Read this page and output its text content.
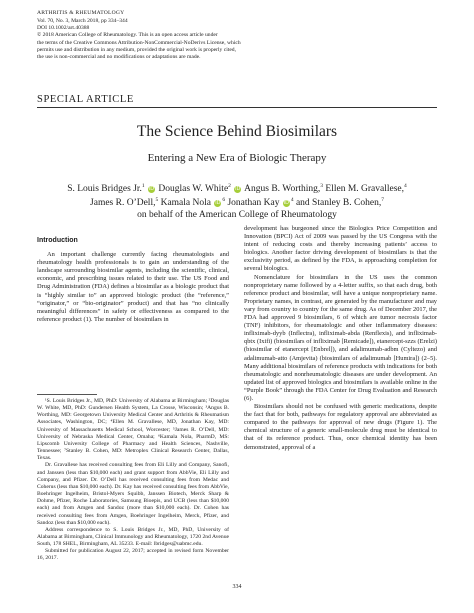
ARTHRITIS & RHEUMATOLOGY
Vol. 70, No. 3, March 2018, pp 334–344
DOI 10.1002/art.40388
© 2018 American College of Rheumatology. This is an open access article under
the terms of the Creative Commons Attribution-NonCommercial-NoDerivs License, which
permits use and distribution in any medium, provided the original work is properly cited,
the use is non-commercial and no modifications or adaptations are made.
SPECIAL ARTICLE
The Science Behind Biosimilars
Entering a New Era of Biologic Therapy
S. Louis Bridges Jr.$^1$ iD Douglas W. White$^2$ iD Angus B. Worthing,$^3$ Ellen M. Gravallese,$^4$
James R. O’Dell,$^5$ Kamala Nola $iD^6$ Jonathan Kay $iD^4$ and Stanley B. Cohen,$^7$
on behalf of the American College of Rheumatology
Introduction

An important challenge currently facing rheumatologists and rheumatology health professionals is to gain an understanding of the landscape surrounding biosimilar agents, including the scientific, clinical, economic, and prescribing issues related to their use. The US Food and Drug Administration (FDA) defines a biosimilar as a biologic product that is “highly similar to” an approved biologic product (the “reference,” “originator,” or “bio-originator” product) and that has “no clinically meaningful differences” in safety or effectiveness as compared to the reference product (1). The number of biosimilars in

¹S. Louis Bridges Jr., MD, PhD: University of Alabama at Birmingham; ²Douglas W. White, MD, PhD: Gundersen Health System, La Crosse, Wisconsin; ³Angus B. Worthing, MD: Georgetown University Medical Center and Arthritis & Rheumatism Associates, Washington, DC; ⁴Ellen M. Gravallese, MD, Jonathan Kay, MD: University of Massachusetts Medical School, Worcester; ⁵James R. O’Dell, MD: University of Nebraska Medical Center, Omaha; ⁶Kamala Nola, PharmD, MS: Lipscomb University College of Pharmacy and Health Sciences, Nashville, Tennessee; ⁷Stanley B. Cohen, MD: Metroplex Clinical Research Center, Dallas, Texas.

Dr. Gravallese has received consulting fees from Eli Lilly and Company, Sanofi, and Janssen (less than $10,000 each) and grant support from AbbVie, Eli Lilly and Company, and Pfizer. Dr. O’Dell has received consulting fees from Medac and Coherus (less than $10,000 each). Dr. Kay has received consulting fees from AbbVie, Boehringer Ingelheim, Bristol-Myers Squibb, Janssen Biotech, Merck Sharp & Dohme, Pfizer, Roche Laboratories, Samsung Bioepis, and UCB (less than $10,000 each) and from Amgen and Sandoz (more than $10,000 each). Dr. Cohen has received consulting fees from Amgen, Boehringer Ingelheim, Merck, Pfizer, and Sandoz (less than $10,000 each).

Address correspondence to S. Louis Bridges Jr., MD, PhD, University of Alabama at Birmingham, Clinical Immunology and Rheumatology, 1720 2nd Avenue South, 178 SHEL, Birmingham, AL 35233. E-mail: lbridges@uabmc.edu.

Submitted for publication August 22, 2017; accepted in revised form November 16, 2017.

development has burgeoned since the Biologics Price Competition and Innovation (BPCI) Act of 2009 was passed by the US Congress with the intent of reducing costs and thereby increasing patients’ access to biologics. Another factor driving development of biosimilars is that the exclusivity period, as defined by the FDA, is approaching completion for several biologics.

Nomenclature for biosimilars in the US uses the common nonproprietary name followed by a 4-letter suffix, so that each drug, both reference product and biosimilar, will have a unique nonproprietary name. Proprietary names, in contrast, are generated by the manufacturer and may vary from country to country for the same drug. As of December 2017, the FDA had approved 9 biosimilars, 6 of which are tumor necrosis factor (TNF) inhibitors, for rheumatologic and other inflammatory diseases: infliximab-dyyb (Inflectra), infliximab-abda (Renflexis), and infliximab-qbtx (Ixifi) (biosimilars of infliximab [Remicade]), etanercept-szzs (Erelzi) (biosimilar of etanercept [Enbrel]), and adalimumab-adbm (Cyltezo) and adalimumab-atto (Amjevita) (biosimilars of adalimumab [Humira]) (2–5). Many additional biosimilars of reference products with indications for both rheumatologic and nonrheumatologic diseases are under development. An updated list of approved biologics and biosimilars is available online in the “Purple Book” through the FDA Center for Drug Evaluation and Research (6).

Biosimilars should not be confused with generic medications, despite the fact that for both, pathways for regulatory approval are abbreviated as compared to the pathways for approval of new drugs (Figure 1). The chemical structure of a generic small-molecule drug must be identical to that of its reference product. Thus, once chemical identity has been demonstrated, approval of a

334
